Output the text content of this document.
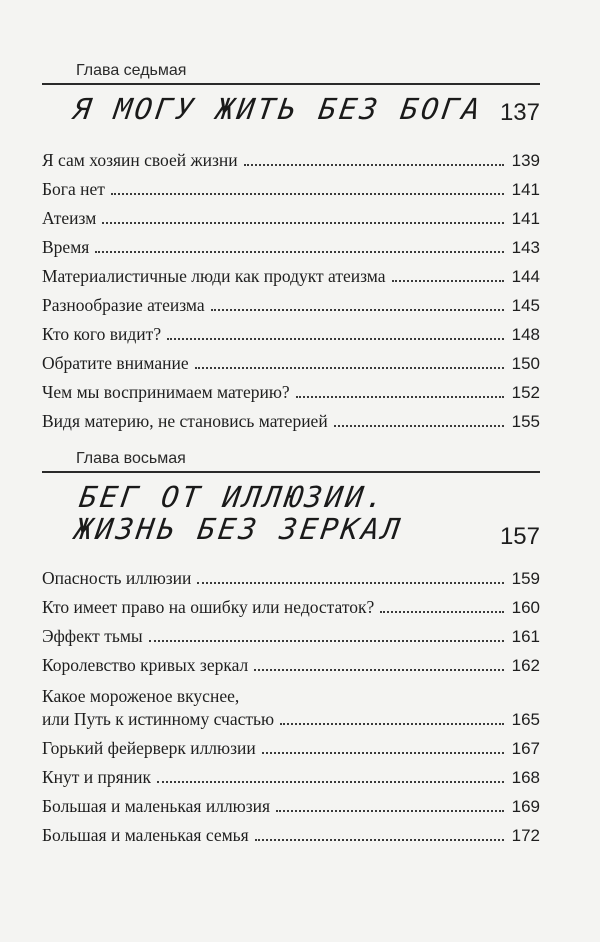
Глава седьмая
Я МОГУ ЖИТЬ БЕЗ БОГА 137
Я сам хозяин своей жизни	139
Бога нет	141
Атеизм	141
Время	143
Материалистичные люди как продукт атеизма	144
Разнообразие атеизма	145
Кто кого видит?	148
Обратите внимание	150
Чем мы воспринимаем материю?	152
Видя материю, не становись материей	155
Глава восьмая
БЕГ ОТ ИЛЛЮЗИИ.
ЖИЗНЬ БЕЗ ЗЕРКАЛ	157
Опасность иллюзии	159
Кто имеет право на ошибку или недостаток?	160
Эффект тьмы	161
Королевство кривых зеркал	162
Какое мороженое вкуснее,
или Путь к истинному счастью	165
Горький фейерверк иллюзии	167
Кнут и пряник	168
Большая и маленькая иллюзия	169
Большая и маленькая семья	172
